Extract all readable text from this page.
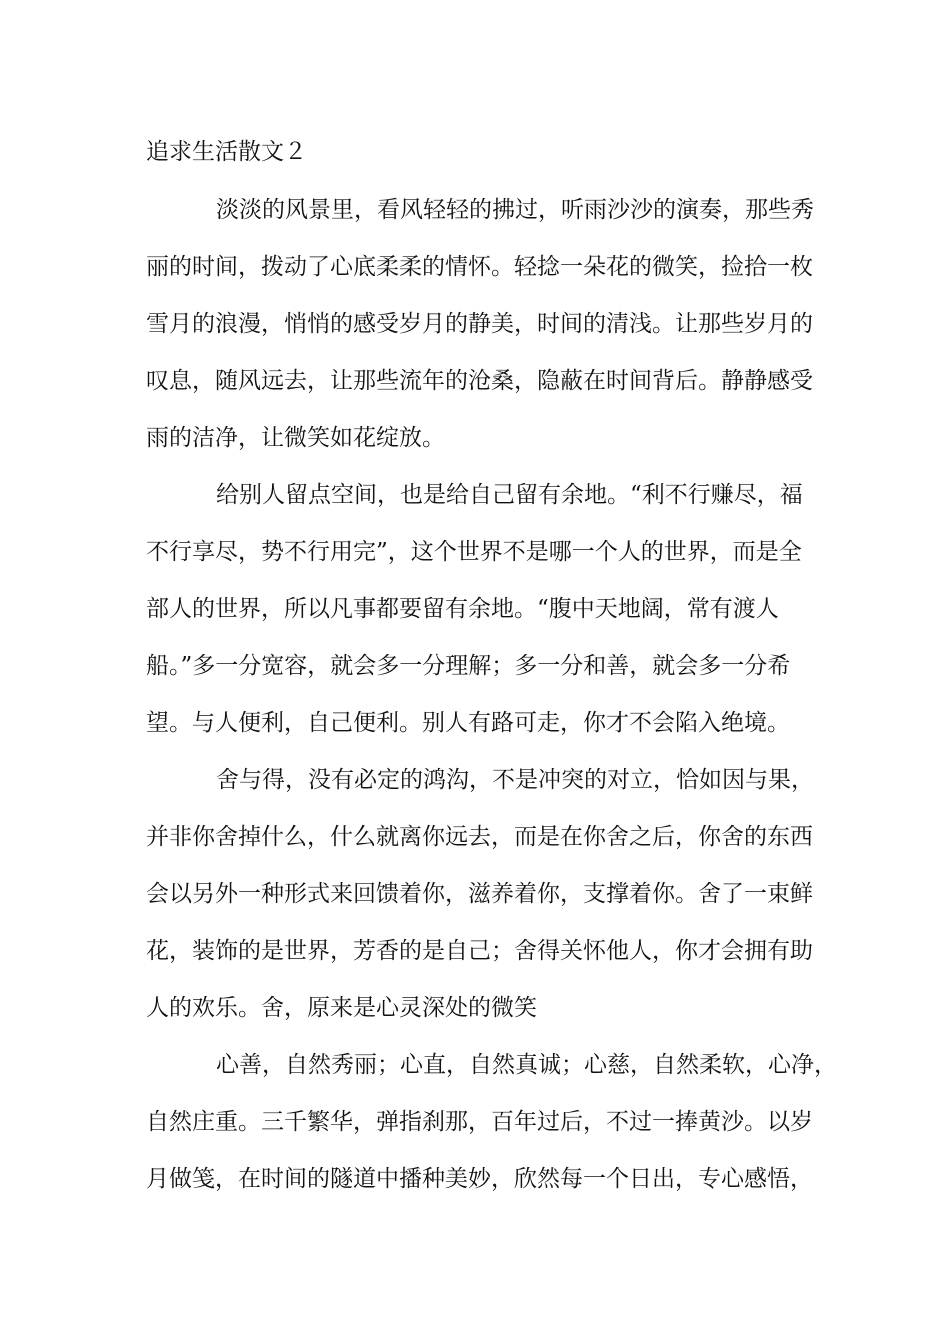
追求生活散文２
淡淡的风景里，看风轻轻的拂过，听雨沙沙的演奏，那些秀
丽的时间，拨动了心底柔柔的情怀。轻捻一朵花的微笑，捡拾一枚
雪月的浪漫，悄悄的感受岁月的静美，时间的清浅。让那些岁月的
叹息，随风远去，让那些流年的沧桑，隐蔽在时间背后。静静感受
雨的洁净，让微笑如花绽放。
给别人留点空间，也是给自己留有余地。“利不行赚尽，福
不行享尽，势不行用完”，这个世界不是哪一个人的世界，而是全
部人的世界，所以凡事都要留有余地。“腹中天地阔，常有渡人
船。”多一分宽容，就会多一分理解；多一分和善，就会多一分希
望。与人便利，自己便利。别人有路可走，你才不会陷入绝境。
舍与得，没有必定的鸿沟，不是冲突的对立，恰如因与果，
并非你舍掉什么，什么就离你远去，而是在你舍之后，你舍的东西
会以另外一种形式来回馈着你，滋养着你，支撑着你。舍了一束鲜
花，装饰的是世界，芳香的是自己；舍得关怀他人，你才会拥有助
人的欢乐。舍，原来是心灵深处的微笑
心善，自然秀丽；心直，自然真诚；心慈，自然柔软，心净，
自然庄重。三千繁华，弹指刹那，百年过后，不过一捧黄沙。以岁
月做笺，在时间的隧道中播种美妙，欣然每一个日出，专心感悟，
